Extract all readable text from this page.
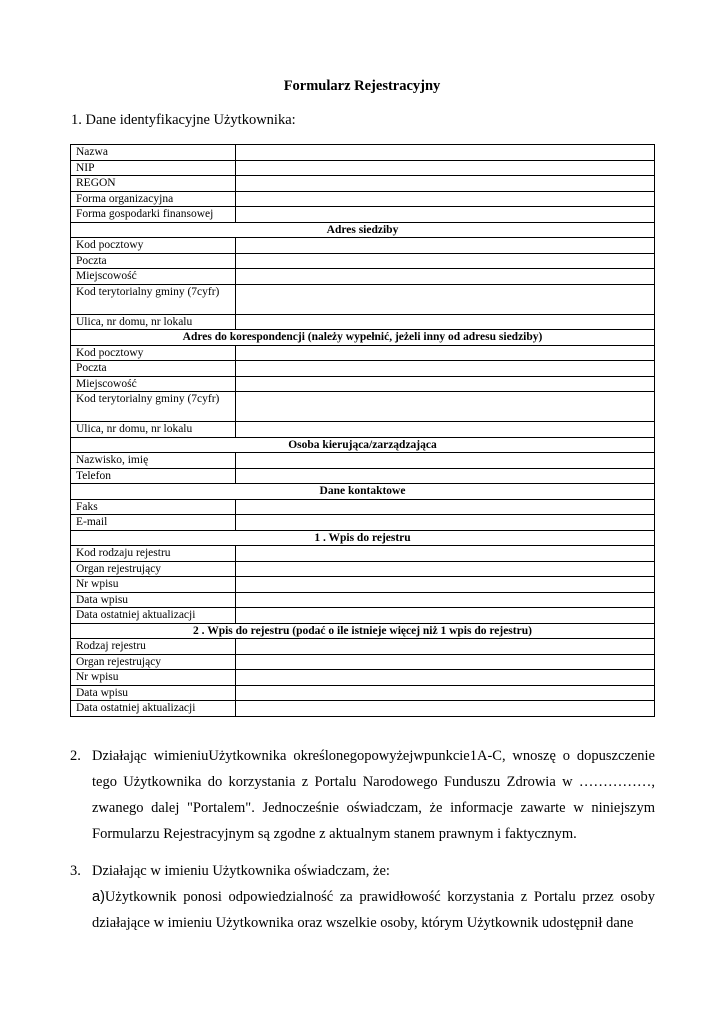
Formularz Rejestracyjny
1. Dane identyfikacyjne Użytkownika:
Nazwa	
NIP	
REGON	
Forma organizacyjna	
Forma gospodarki finansowej	
Adres siedziby	
Kod pocztowy	
Poczta	
Miejscowość	
Kod terytorialny gminy (7cyfr)	
Ulica, nr domu, nr lokalu	
Adres do korespondencji (należy wypełnić, jeżeli inny od adresu siedziby)	
Kod pocztowy	
Poczta	
Miejscowość	
Kod terytorialny gminy (7cyfr)	
Ulica, nr domu, nr lokalu	
Osoba kierująca/zarządzająca	
Nazwisko, imię	
Telefon	
Dane kontaktowe	
Faks	
E-mail	
1 . Wpis do rejestru	
Kod rodzaju rejestru	
Organ rejestrujący	
Nr wpisu	
Data wpisu	
Data ostatniej aktualizacji	
2 . Wpis do rejestru (podać o ile istnieje więcej niż 1 wpis do rejestru)	
Rodzaj rejestru	
Organ rejestrujący	
Nr wpisu	
Data wpisu	
Data ostatniej aktualizacji	
2. Działając wimieniuUżytkownika określonegopowyżejwpunkcie1A-C, wnoszę o dopuszczenie tego Użytkownika do korzystania z Portalu Narodowego Funduszu Zdrowia w ……………, zwanego dalej "Portalem". Jednocześnie oświadczam, że informacje zawarte w niniejszym Formularzu Rejestracyjnym są zgodne z aktualnym stanem prawnym i faktycznym.
3. Działając w imieniu Użytkownika oświadczam, że:
a)Użytkownik ponosi odpowiedzialność za prawidłowość korzystania z Portalu przez osoby działające w imieniu Użytkownika oraz wszelkie osoby, którym Użytkownik udostępnił dane
